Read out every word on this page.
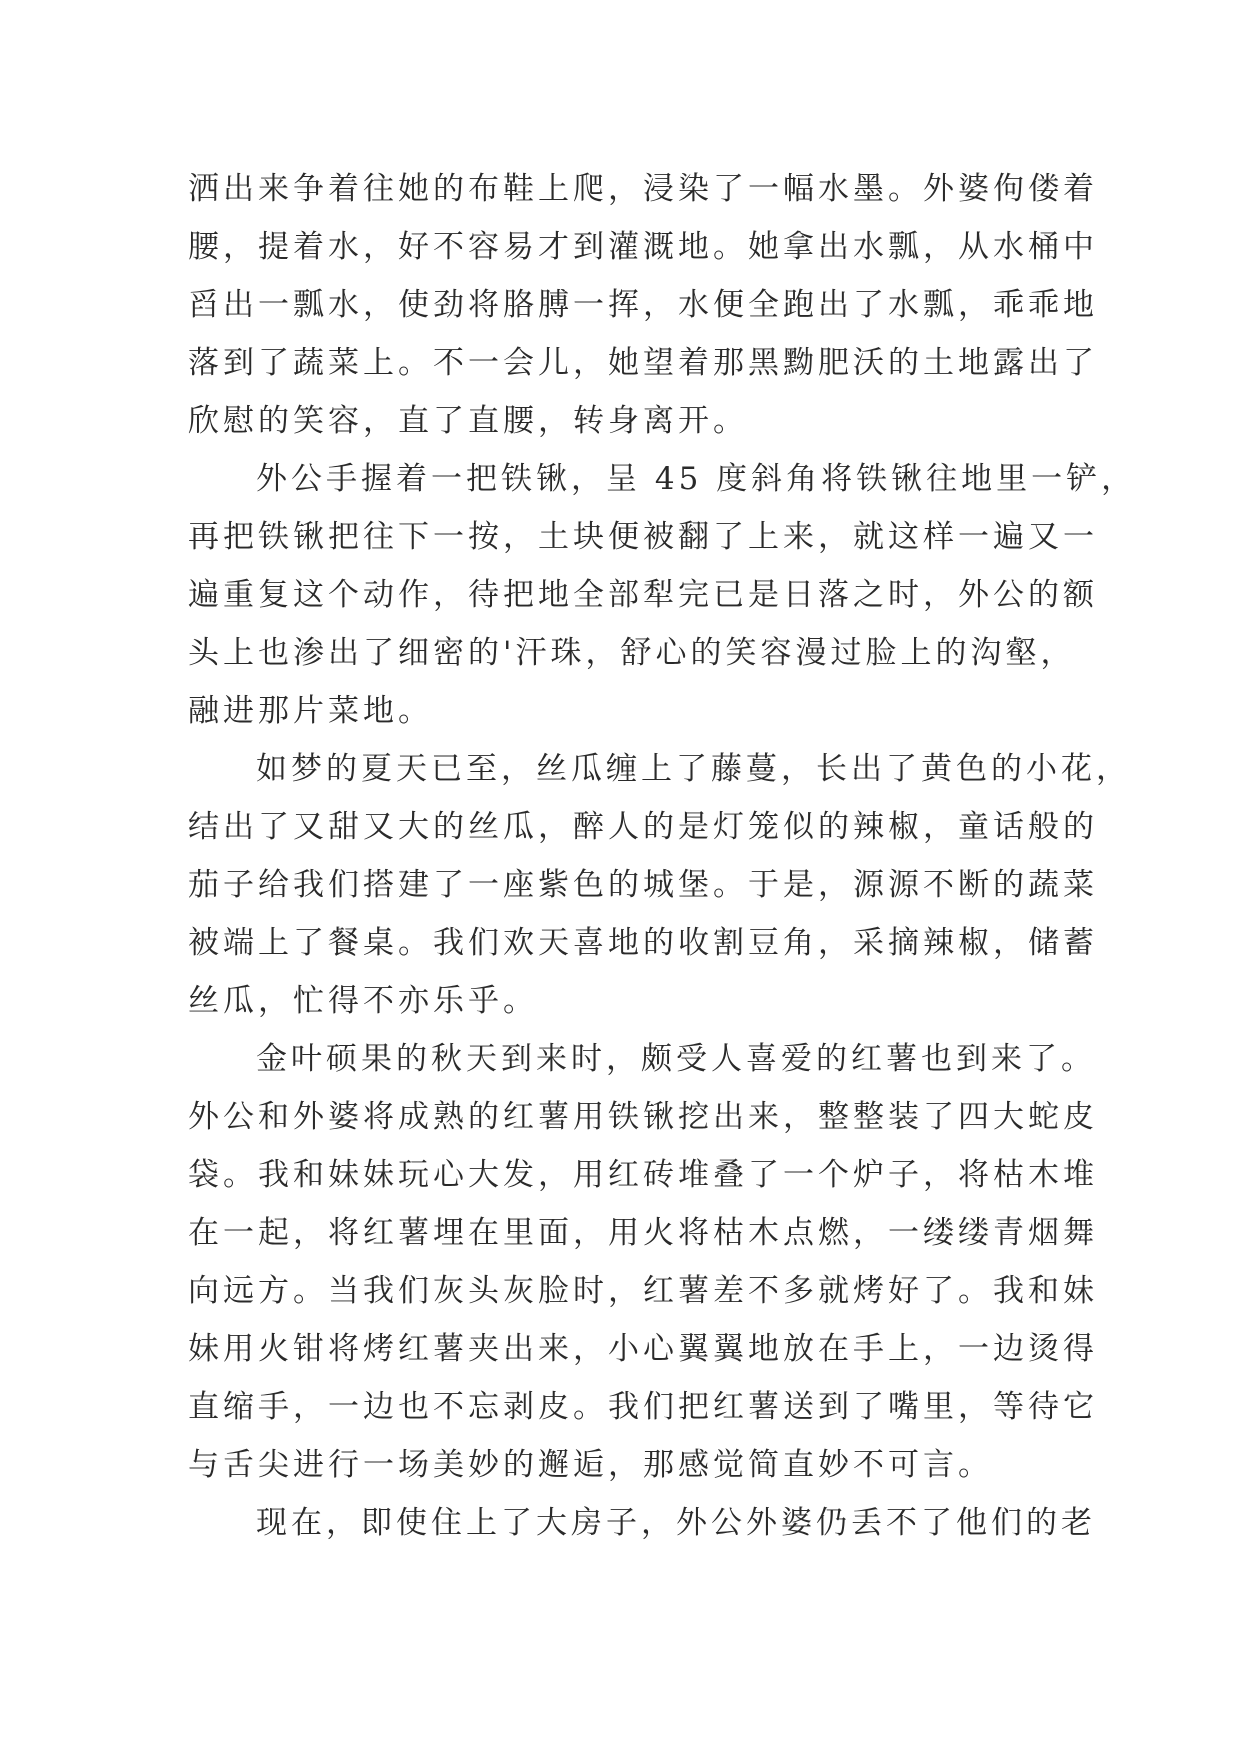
洒出来争着往她的布鞋上爬，浸染了一幅水墨。外婆佝偻着
腰，提着水，好不容易才到灌溉地。她拿出水瓢，从水桶中
舀出一瓢水，使劲将胳膊一挥，水便全跑出了水瓢，乖乖地
落到了蔬菜上。不一会儿，她望着那黑黝肥沃的土地露出了
欣慰的笑容，直了直腰，转身离开。
外公手握着一把铁锹，呈 45 度斜角将铁锹往地里一铲，
再把铁锹把往下一按，土块便被翻了上来，就这样一遍又一
遍重复这个动作，待把地全部犁完已是日落之时，外公的额
头上也渗出了细密的'汗珠，舒心的笑容漫过脸上的沟壑，
融进那片菜地。
如梦的夏天已至，丝瓜缠上了藤蔓，长出了黄色的小花，
结出了又甜又大的丝瓜，醉人的是灯笼似的辣椒，童话般的
茄子给我们搭建了一座紫色的城堡。于是，源源不断的蔬菜
被端上了餐桌。我们欢天喜地的收割豆角，采摘辣椒，储蓄
丝瓜，忙得不亦乐乎。
金叶硕果的秋天到来时，颇受人喜爱的红薯也到来了。
外公和外婆将成熟的红薯用铁锹挖出来，整整装了四大蛇皮
袋。我和妹妹玩心大发，用红砖堆叠了一个炉子，将枯木堆
在一起，将红薯埋在里面，用火将枯木点燃，一缕缕青烟舞
向远方。当我们灰头灰脸时，红薯差不多就烤好了。我和妹
妹用火钳将烤红薯夹出来，小心翼翼地放在手上，一边烫得
直缩手，一边也不忘剥皮。我们把红薯送到了嘴里，等待它
与舌尖进行一场美妙的邂逅，那感觉简直妙不可言。
现在，即使住上了大房子，外公外婆仍丢不了他们的老
